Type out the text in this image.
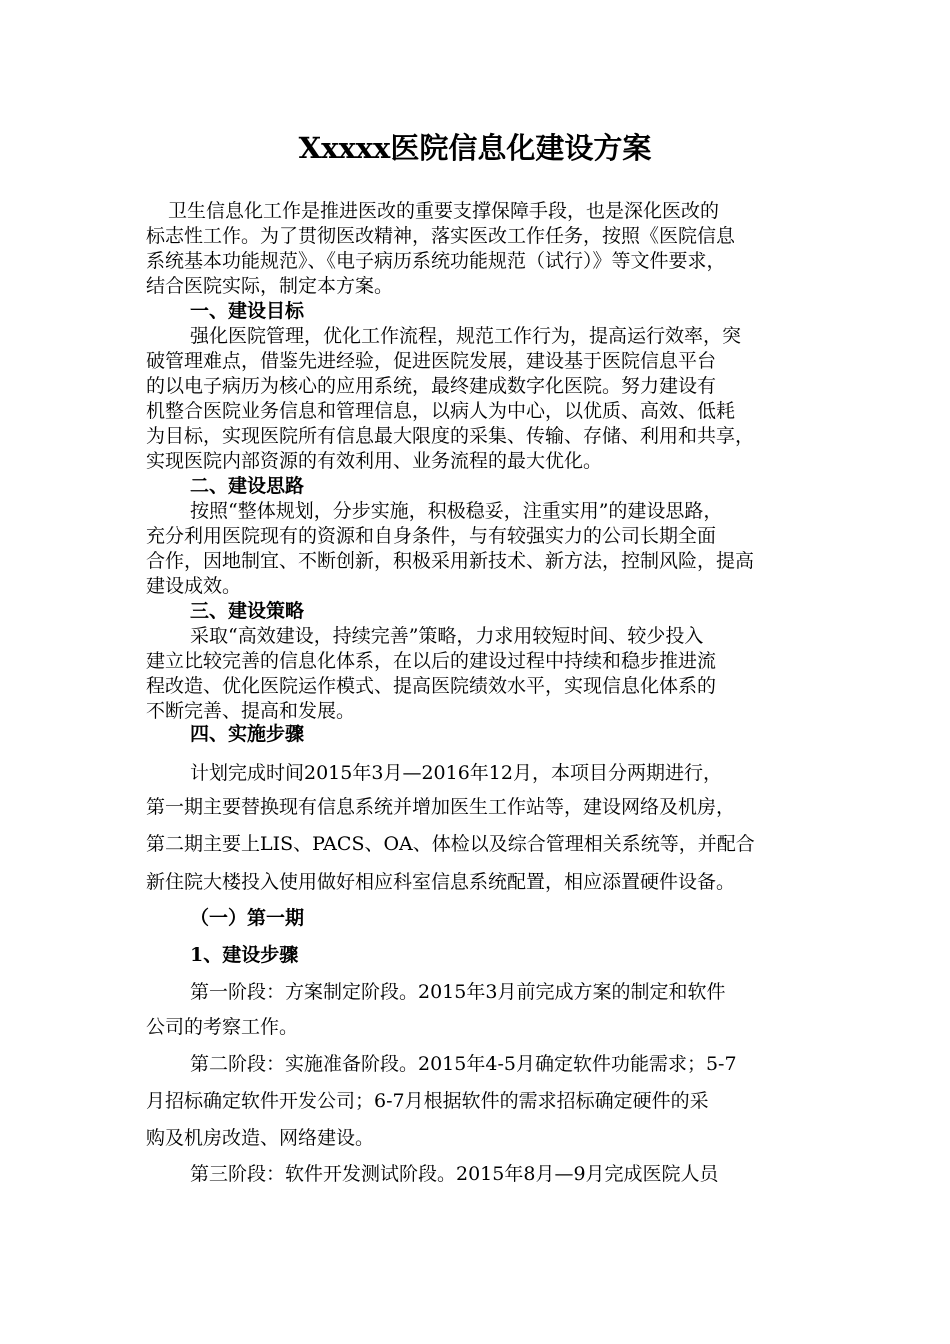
Xxxxx医院信息化建设方案
卫生信息化工作是推进医改的重要支撑保障手段，也是深化医改的
标志性工作。为了贯彻医改精神，落实医改工作任务，按照《医院信息
系统基本功能规范》、《电子病历系统功能规范（试行）》等文件要求，
结合医院实际，制定本方案。
一、建设目标
强化医院管理，优化工作流程，规范工作行为，提高运行效率，突
破管理难点，借鉴先进经验，促进医院发展，建设基于医院信息平台
的以电子病历为核心的应用系统，最终建成数字化医院。努力建设有
机整合医院业务信息和管理信息，以病人为中心，以优质、高效、低耗
为目标，实现医院所有信息最大限度的采集、传输、存储、利用和共享，
实现医院内部资源的有效利用、业务流程的最大优化。
二、建设思路
按照“整体规划，分步实施，积极稳妥，注重实用”的建设思路，
充分利用医院现有的资源和自身条件，与有较强实力的公司长期全面
合作，因地制宜、不断创新，积极采用新技术、新方法，控制风险，提高
建设成效。
三、建设策略
采取“高效建设，持续完善”策略，力求用较短时间、较少投入
建立比较完善的信息化体系，在以后的建设过程中持续和稳步推进流
程改造、优化医院运作模式、提高医院绩效水平，实现信息化体系的
不断完善、提高和发展。
四、实施步骤
计划完成时间2015年3月—2016年12月，本项目分两期进行，
第一期主要替换现有信息系统并增加医生工作站等，建设网络及机房，
第二期主要上LIS、PACS、OA、体检以及综合管理相关系统等，并配合
新住院大楼投入使用做好相应科室信息系统配置，相应添置硬件设备。
（一）第一期
1、建设步骤
第一阶段：方案制定阶段。2015年3月前完成方案的制定和软件
公司的考察工作。
第二阶段：实施准备阶段。2015年4-5月确定软件功能需求；5-7
月招标确定软件开发公司；6-7月根据软件的需求招标确定硬件的采
购及机房改造、网络建设。
第三阶段：软件开发测试阶段。2015年8月—9月完成医院人员
